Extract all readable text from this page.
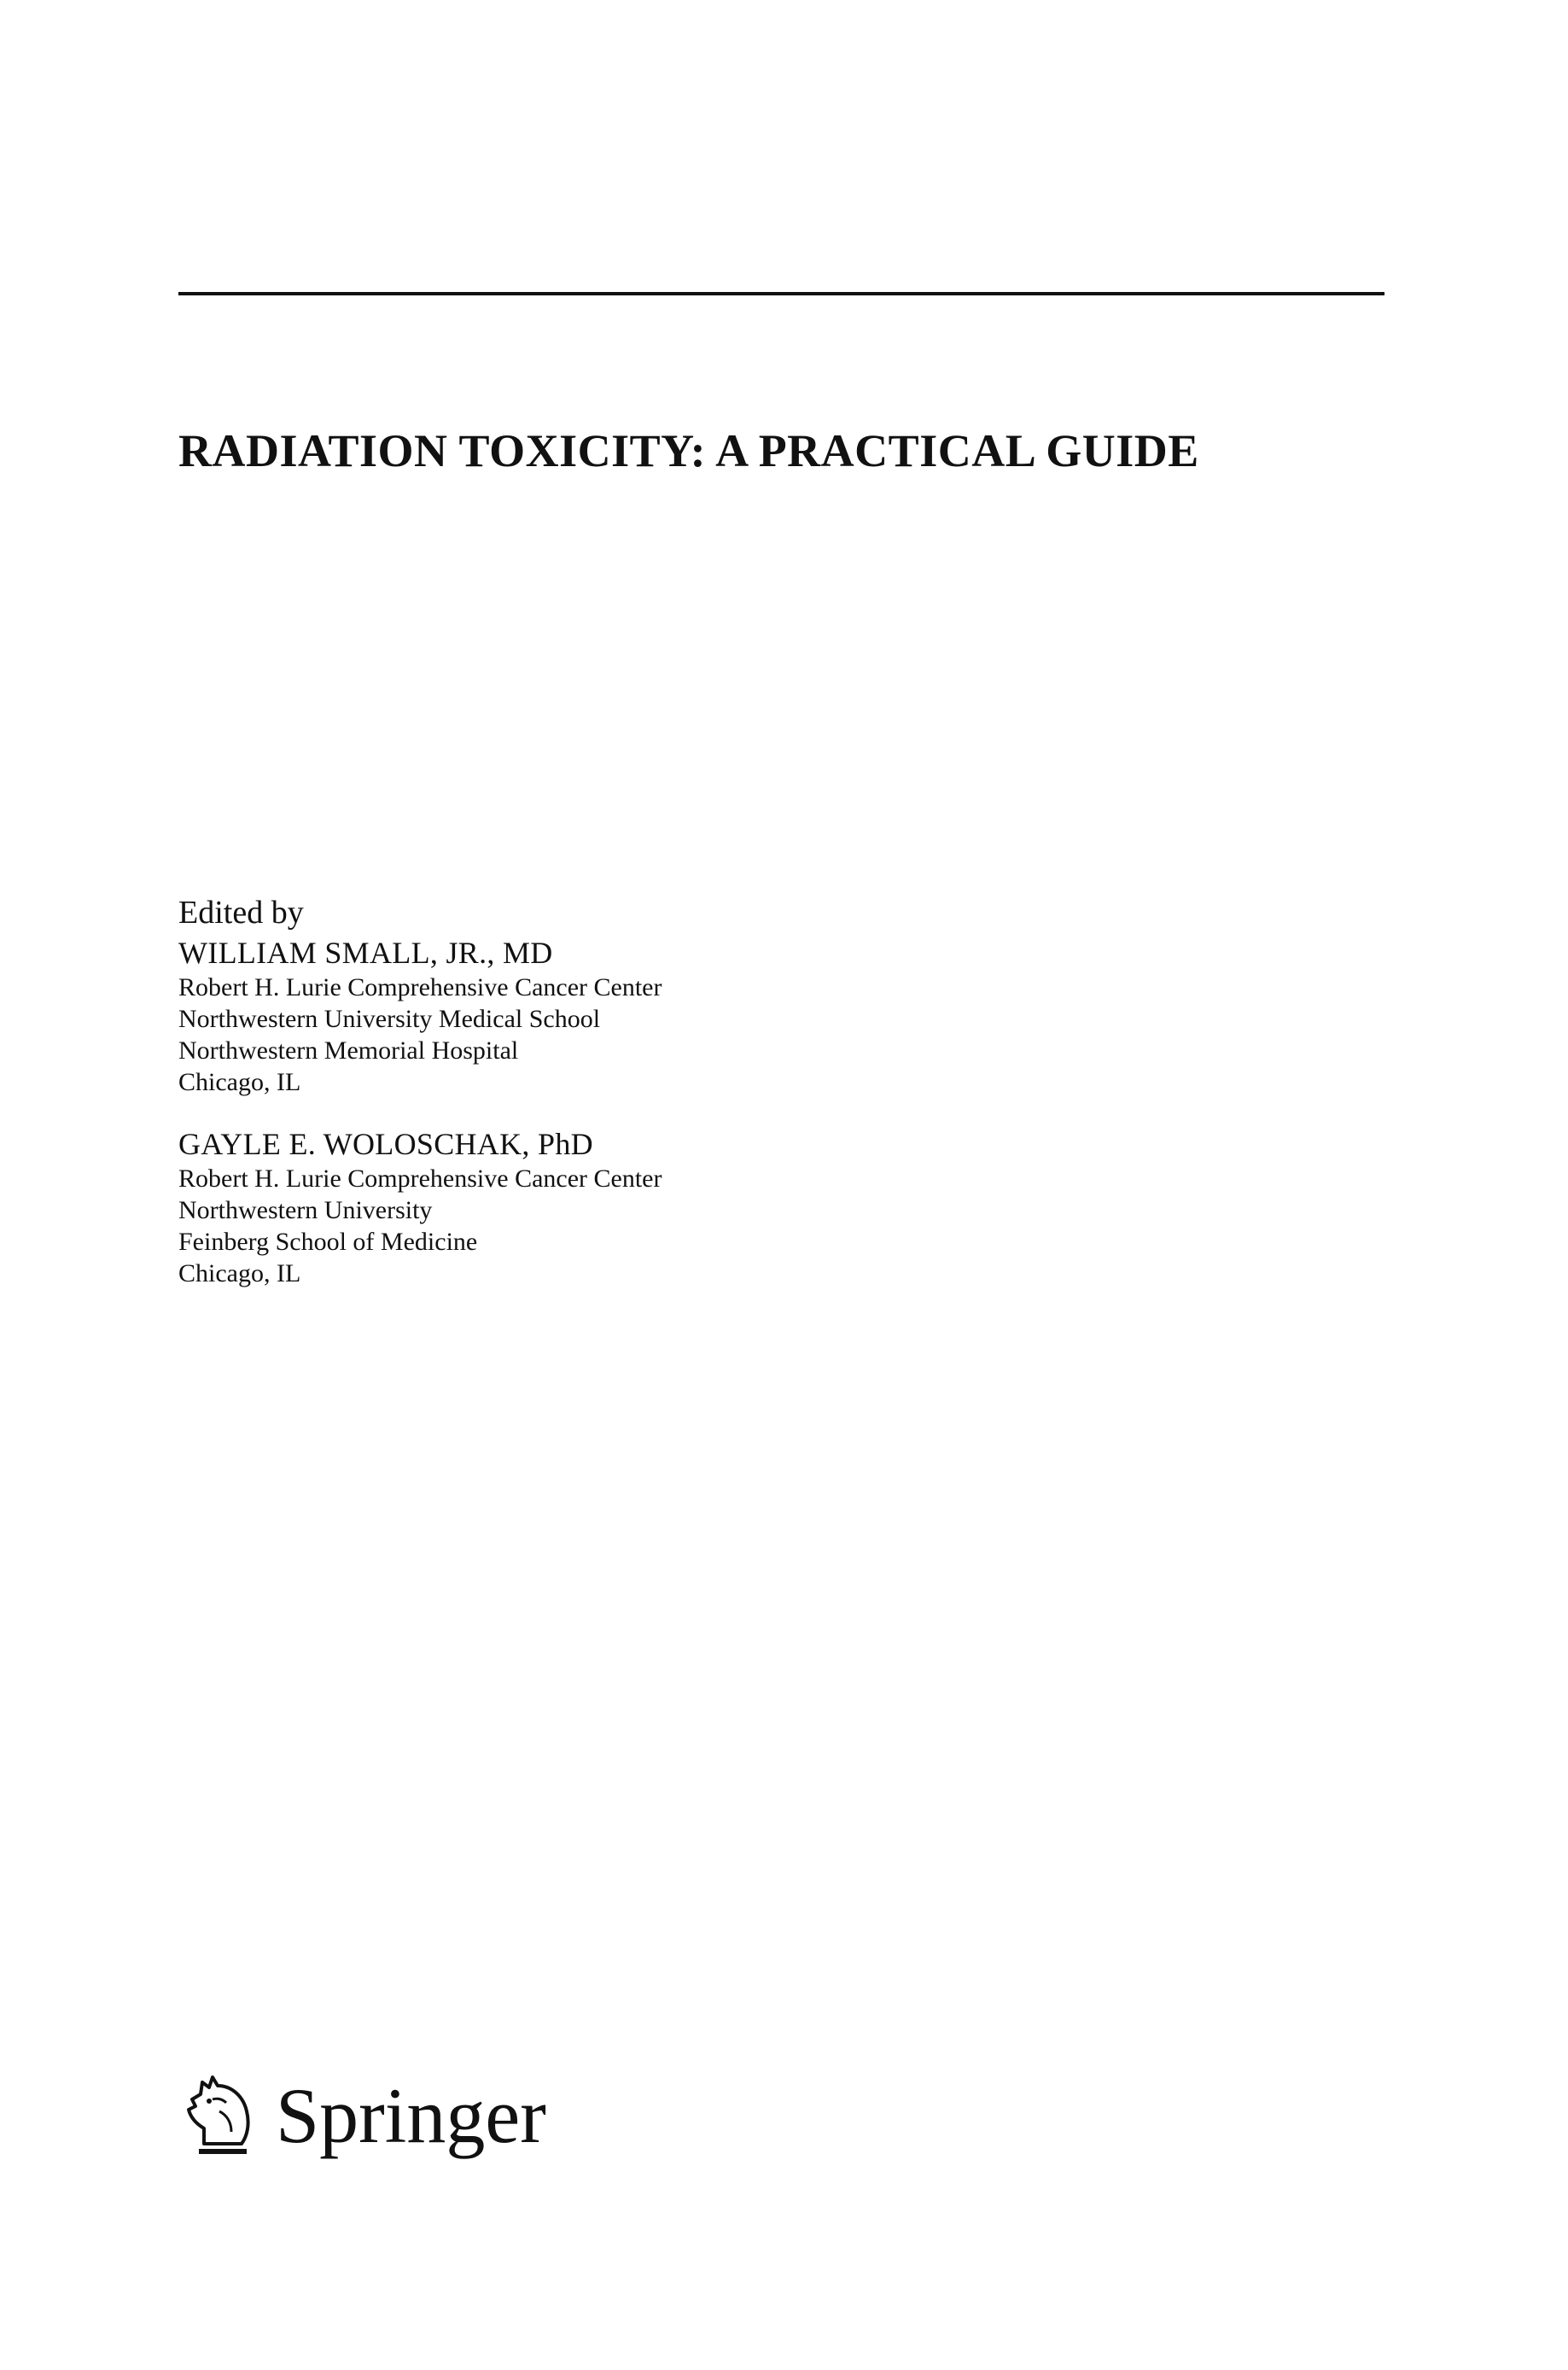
RADIATION TOXICITY: A PRACTICAL GUIDE
Edited by
WILLIAM SMALL, JR., MD
Robert H. Lurie Comprehensive Cancer Center
Northwestern University Medical School
Northwestern Memorial Hospital
Chicago, IL
GAYLE E. WOLOSCHAK, PhD
Robert H. Lurie Comprehensive Cancer Center
Northwestern University
Feinberg School of Medicine
Chicago, IL
Springer
